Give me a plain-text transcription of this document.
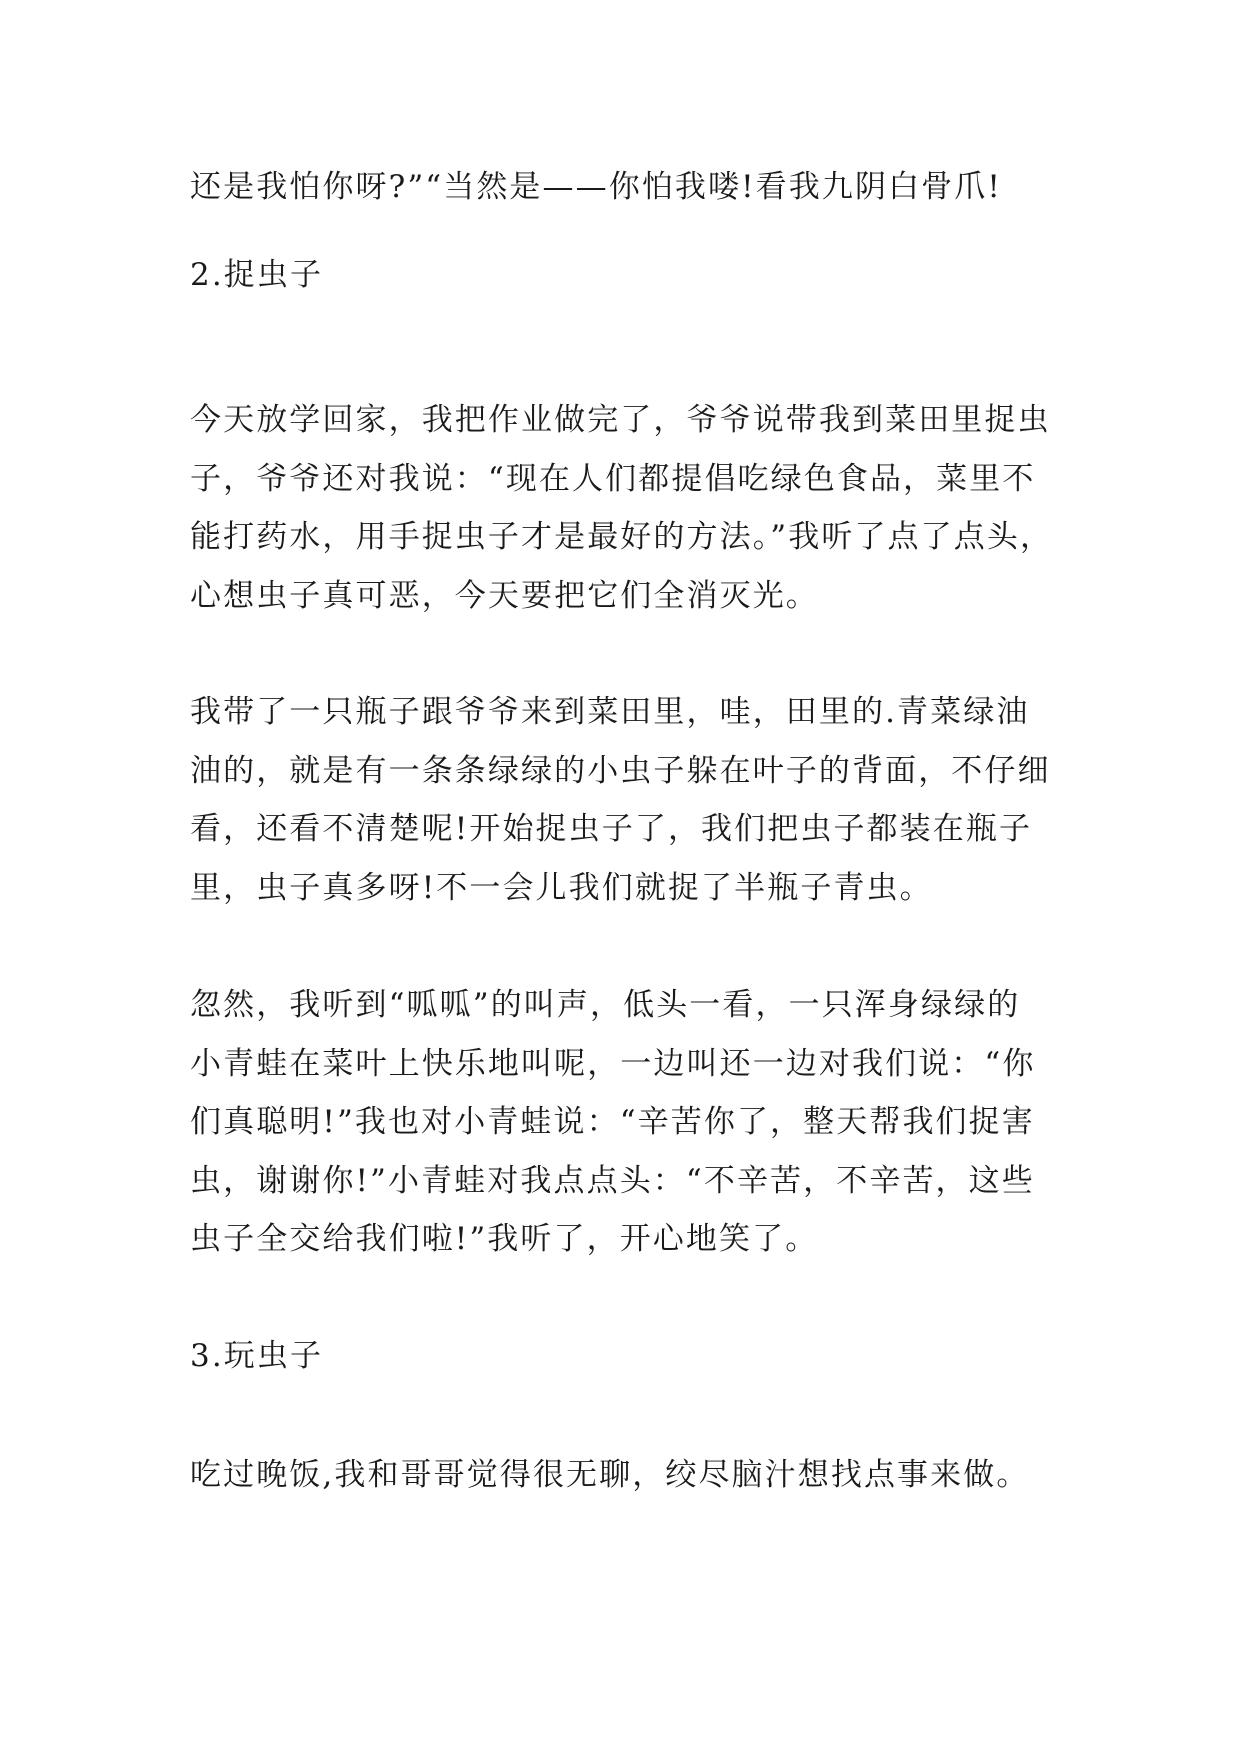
还是我怕你呀?”“当然是——你怕我喽!看我九阴白骨爪!
2.捉虫子
今天放学回家，我把作业做完了，爷爷说带我到菜田里捉虫
子，爷爷还对我说：“现在人们都提倡吃绿色食品，菜里不
能打药水，用手捉虫子才是最好的方法。”我听了点了点头，
心想虫子真可恶，今天要把它们全消灭光。
我带了一只瓶子跟爷爷来到菜田里，哇，田里的.青菜绿油
油的，就是有一条条绿绿的小虫子躲在叶子的背面，不仔细
看，还看不清楚呢!开始捉虫子了，我们把虫子都装在瓶子
里，虫子真多呀!不一会儿我们就捉了半瓶子青虫。
忽然，我听到“呱呱”的叫声，低头一看，一只浑身绿绿的
小青蛙在菜叶上快乐地叫呢，一边叫还一边对我们说：“你
们真聪明!”我也对小青蛙说：“辛苦你了，整天帮我们捉害
虫，谢谢你!”小青蛙对我点点头：“不辛苦，不辛苦，这些
虫子全交给我们啦!”我听了，开心地笑了。
3.玩虫子
吃过晚饭,我和哥哥觉得很无聊，绞尽脑汁想找点事来做。
